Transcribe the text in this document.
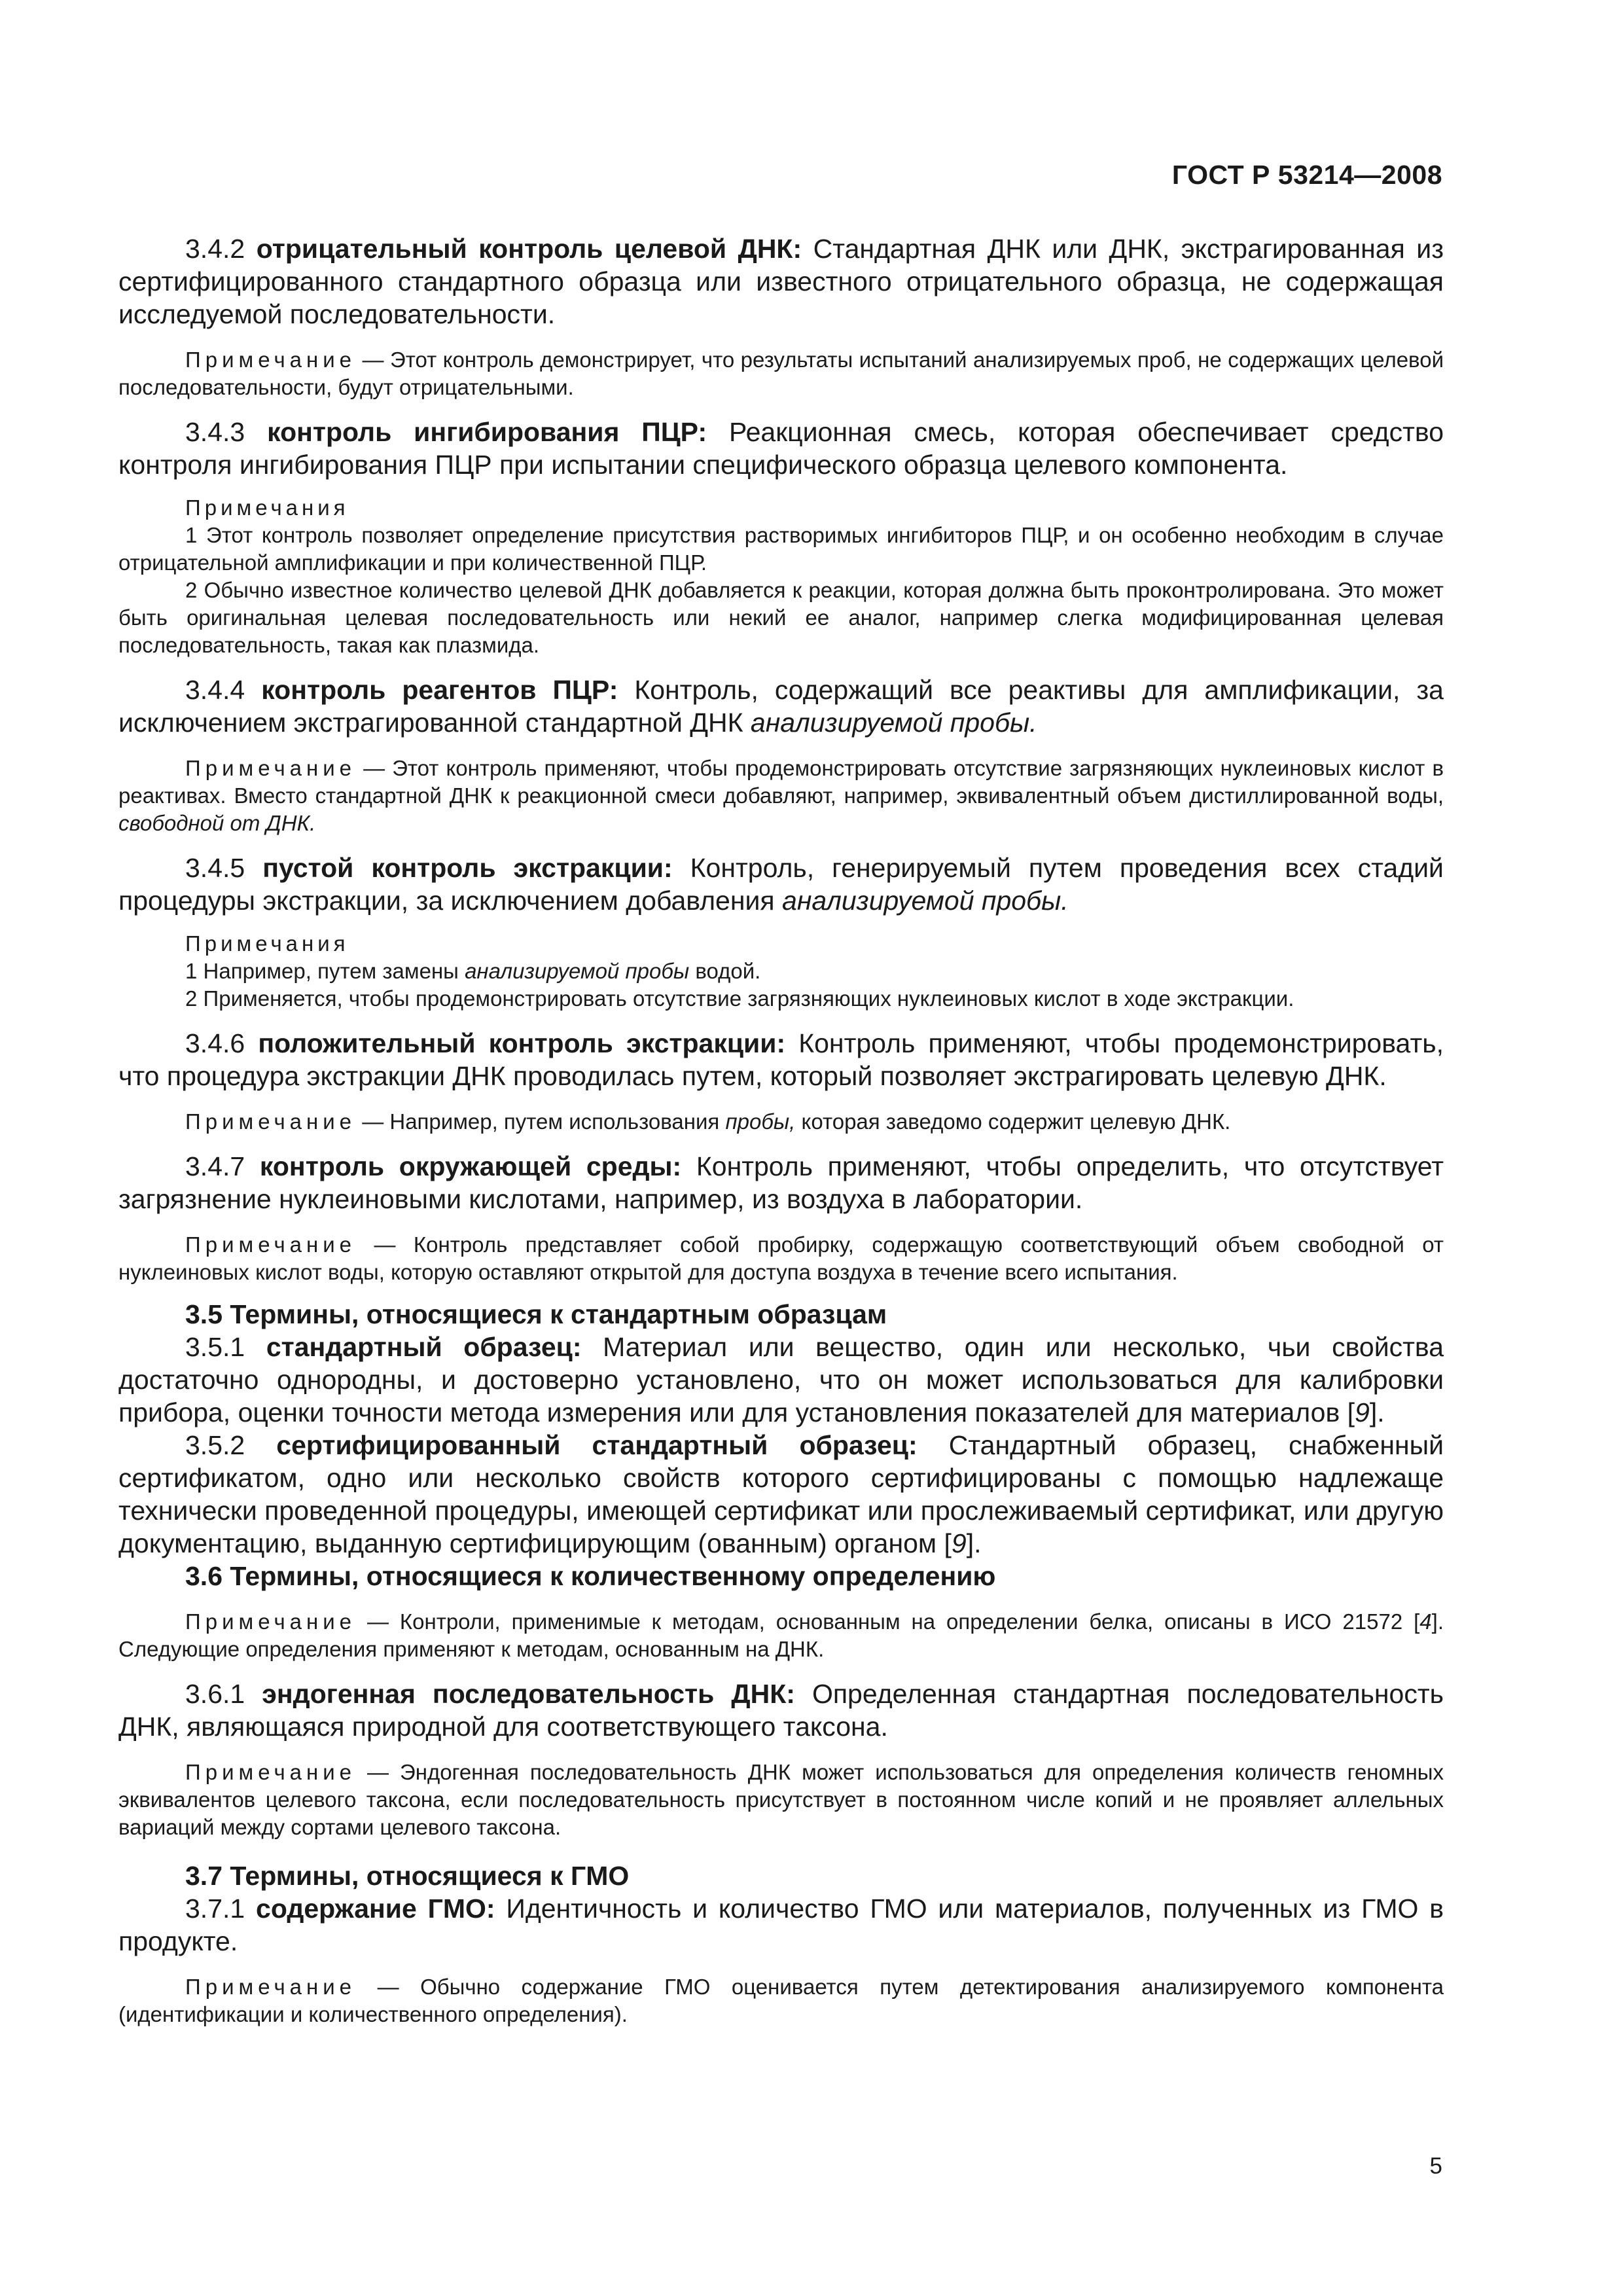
ГОСТ Р 53214—2008

3.4.2 отрицательный контроль целевой ДНК: Стандартная ДНК или ДНК, экстрагированная из сертифицированного стандартного образца или известного отрицательного образца, не содержащая исследуемой последовательности.

Примечание — Этот контроль демонстрирует, что результаты испытаний анализируемых проб, не содержащих целевой последовательности, будут отрицательными.

3.4.3 контроль ингибирования ПЦР: Реакционная смесь, которая обеспечивает средство контроля ингибирования ПЦР при испытании специфического образца целевого компонента.

Примечания

1 Этот контроль позволяет определение присутствия растворимых ингибиторов ПЦР, и он особенно необходим в случае отрицательной амплификации и при количественной ПЦР.

2 Обычно известное количество целевой ДНК добавляется к реакции, которая должна быть проконтролирована. Это может быть оригинальная целевая последовательность или некий ее аналог, например слегка модифицированная целевая последовательность, такая как плазмида.

3.4.4 контроль реагентов ПЦР: Контроль, содержащий все реактивы для амплификации, за исключением экстрагированной стандартной ДНК анализируемой пробы.

Примечание — Этот контроль применяют, чтобы продемонстрировать отсутствие загрязняющих нуклеиновых кислот в реактивах. Вместо стандартной ДНК к реакционной смеси добавляют, например, эквивалентный объем дистиллированной воды, свободной от ДНК.

3.4.5 пустой контроль экстракции: Контроль, генерируемый путем проведения всех стадий процедуры экстракции, за исключением добавления анализируемой пробы.

Примечания

1 Например, путем замены анализируемой пробы водой.

2 Применяется, чтобы продемонстрировать отсутствие загрязняющих нуклеиновых кислот в ходе экстракции.

3.4.6 положительный контроль экстракции: Контроль применяют, чтобы продемонстрировать, что процедура экстракции ДНК проводилась путем, который позволяет экстрагировать целевую ДНК.

Примечание — Например, путем использования пробы, которая заведомо содержит целевую ДНК.

3.4.7 контроль окружающей среды: Контроль применяют, чтобы определить, что отсутствует загрязнение нуклеиновыми кислотами, например, из воздуха в лаборатории.

Примечание — Контроль представляет собой пробирку, содержащую соответствующий объем свободной от нуклеиновых кислот воды, которую оставляют открытой для доступа воздуха в течение всего испытания.

3.5 Термины, относящиеся к стандартным образцам

3.5.1 стандартный образец: Материал или вещество, один или несколько, чьи свойства достаточно однородны, и достоверно установлено, что он может использоваться для калибровки прибора, оценки точности метода измерения или для установления показателей для материалов [9].

3.5.2 сертифицированный стандартный образец: Стандартный образец, снабженный сертификатом, одно или несколько свойств которого сертифицированы с помощью надлежаще технически проведенной процедуры, имеющей сертификат или прослеживаемый сертификат, или другую документацию, выданную сертифицирующим (ованным) органом [9].

3.6 Термины, относящиеся к количественному определению

Примечание — Контроли, применимые к методам, основанным на определении белка, описаны в ИСО 21572 [4]. Следующие определения применяют к методам, основанным на ДНК.

3.6.1 эндогенная последовательность ДНК: Определенная стандартная последовательность ДНК, являющаяся природной для соответствующего таксона.

Примечание — Эндогенная последовательность ДНК может использоваться для определения количеств геномных эквивалентов целевого таксона, если последовательность присутствует в постоянном числе копий и не проявляет аллельных вариаций между сортами целевого таксона.

3.7 Термины, относящиеся к ГМО

3.7.1 содержание ГМО: Идентичность и количество ГМО или материалов, полученных из ГМО в продукте.

Примечание — Обычно содержание ГМО оценивается путем детектирования анализируемого компонента (идентификации и количественного определения).

5
